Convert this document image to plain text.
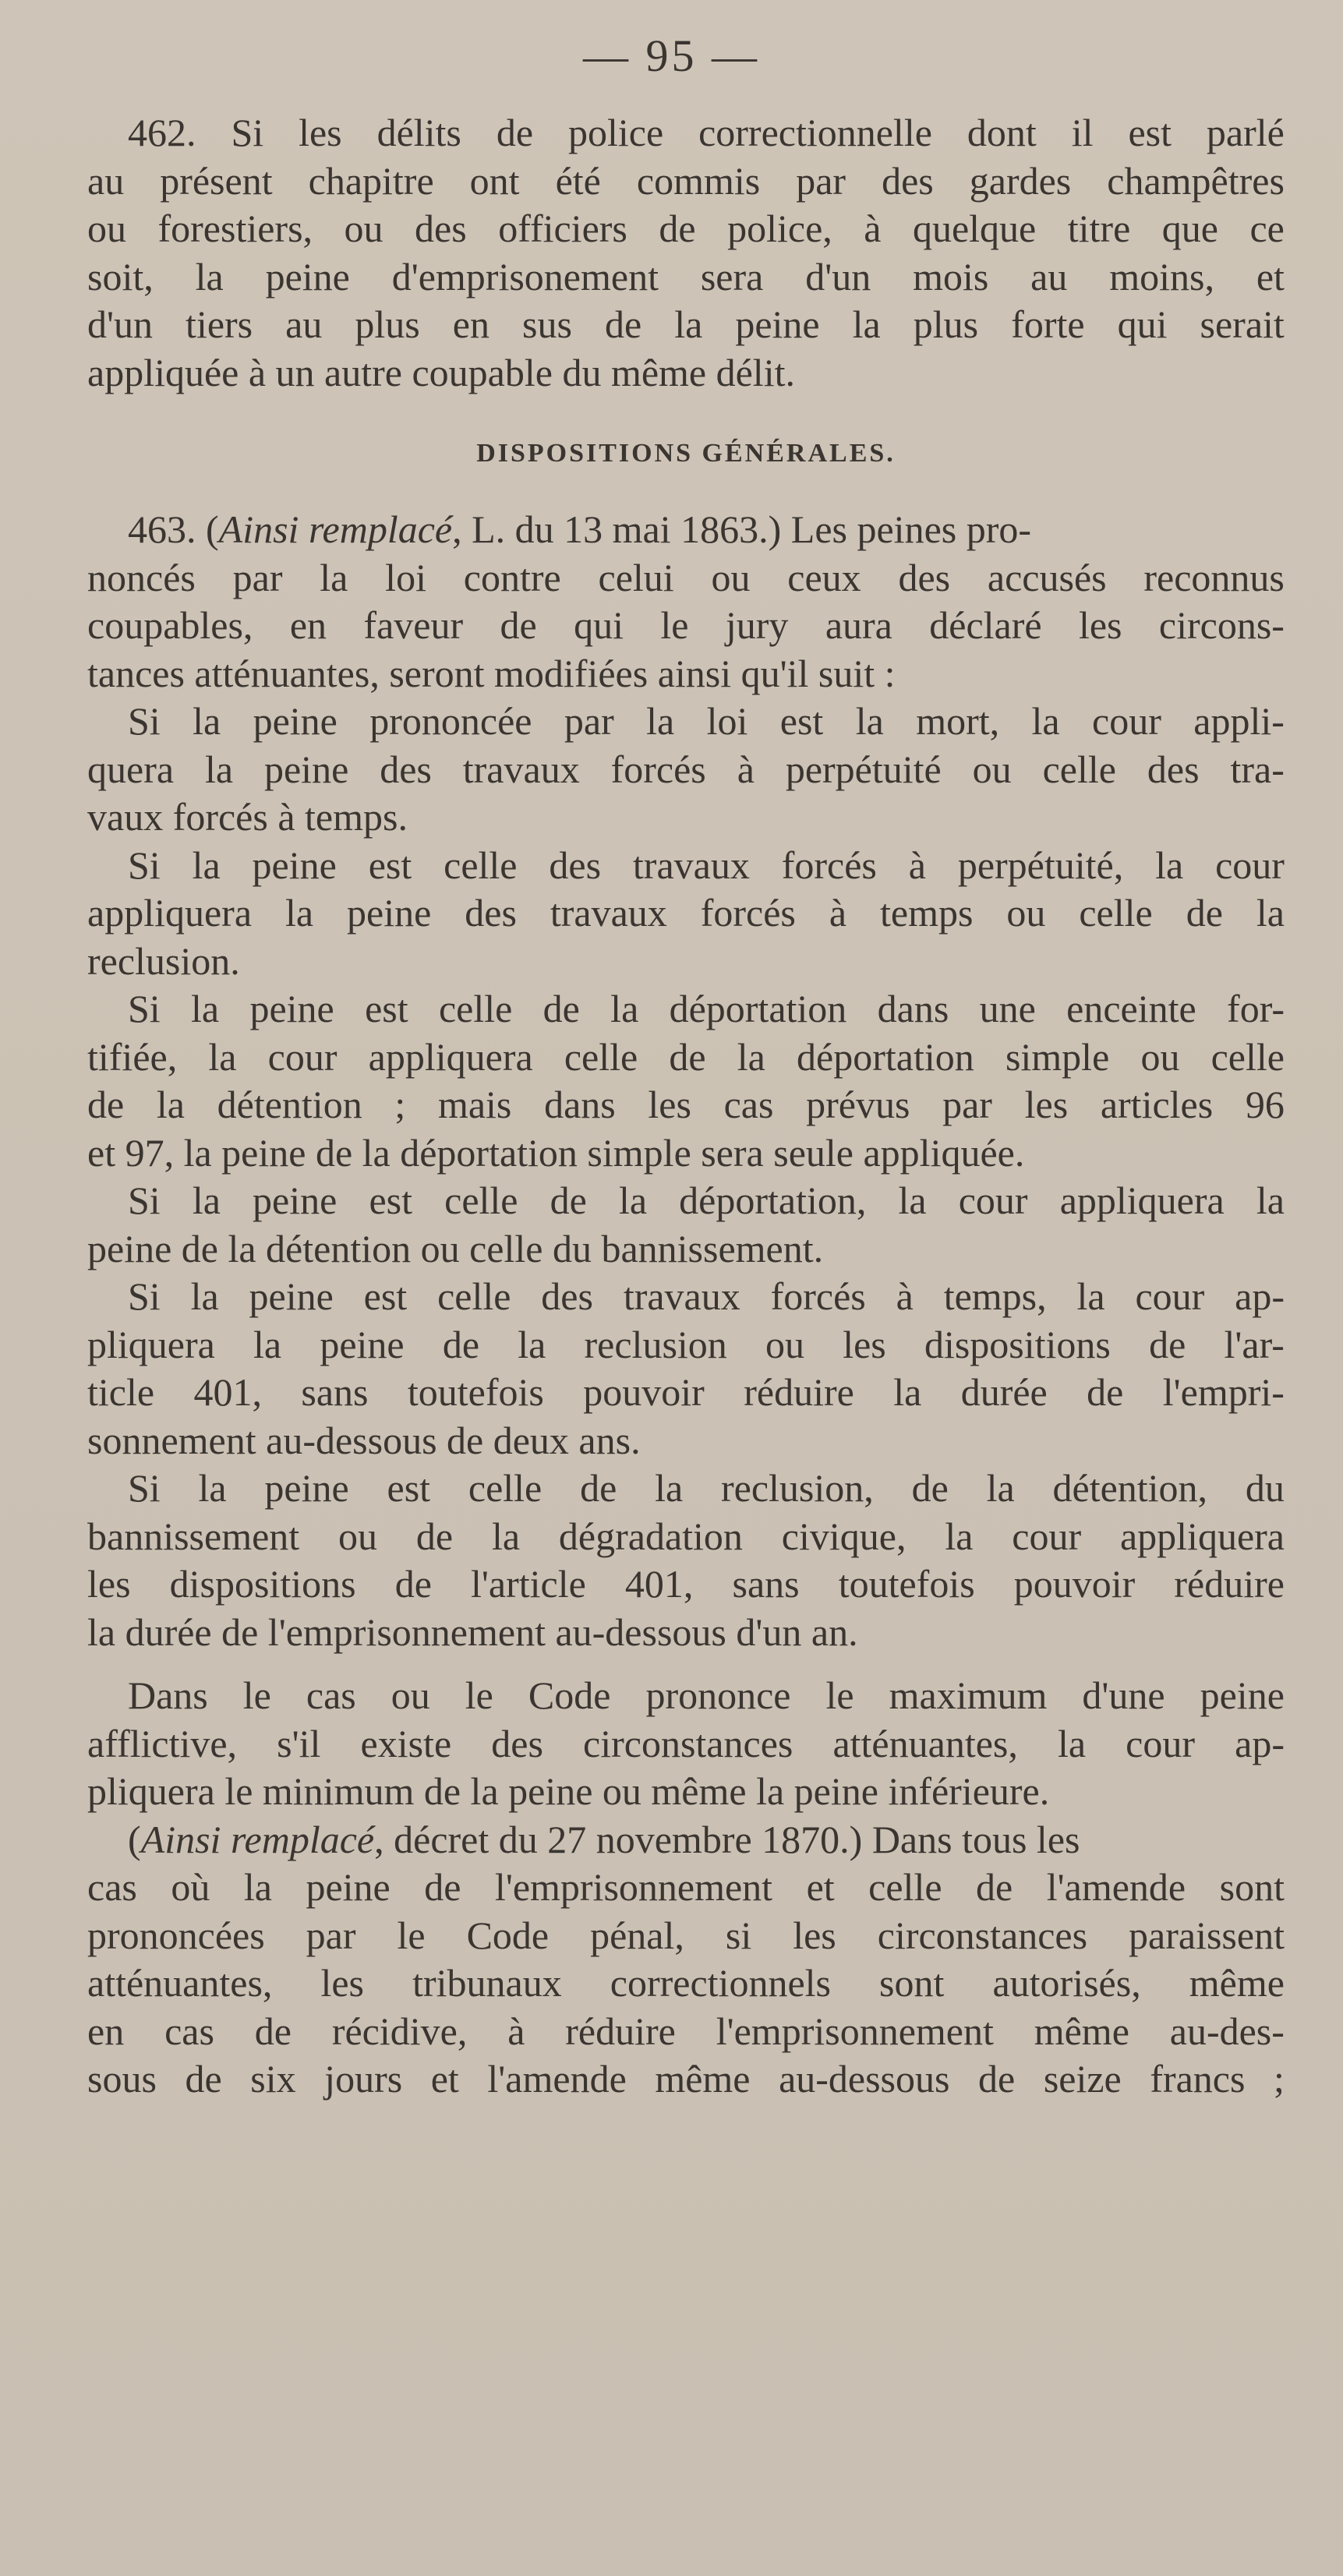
— 95 —
462. Si les délits de police correctionnelle dont il est parlé
au présent chapitre ont été commis par des gardes champêtres
ou forestiers, ou des officiers de police, à quelque titre que ce
soit, la peine d'emprisonement sera d'un mois au moins, et
d'un tiers au plus en sus de la peine la plus forte qui serait
appliquée à un autre coupable du même délit.
DISPOSITIONS GÉNÉRALES.
463. (Ainsi remplacé, L. du 13 mai 1863.) Les peines pro-
noncés par la loi contre celui ou ceux des accusés reconnus
coupables, en faveur de qui le jury aura déclaré les circons-
tances atténuantes, seront modifiées ainsi qu'il suit :
Si la peine prononcée par la loi est la mort, la cour appli-
quera la peine des travaux forcés à perpétuité ou celle des tra-
vaux forcés à temps.
Si la peine est celle des travaux forcés à perpétuité, la cour
appliquera la peine des travaux forcés à temps ou celle de la
reclusion.
Si la peine est celle de la déportation dans une enceinte for-
tifiée, la cour appliquera celle de la déportation simple ou celle
de la détention ; mais dans les cas prévus par les articles 96
et 97, la peine de la déportation simple sera seule appliquée.
Si la peine est celle de la déportation, la cour appliquera la
peine de la détention ou celle du bannissement.
Si la peine est celle des travaux forcés à temps, la cour ap-
pliquera la peine de la reclusion ou les dispositions de l'ar-
ticle 401, sans toutefois pouvoir réduire la durée de l'empri-
sonnement au-dessous de deux ans.
Si la peine est celle de la reclusion, de la détention, du
bannissement ou de la dégradation civique, la cour appliquera
les dispositions de l'article 401, sans toutefois pouvoir réduire
la durée de l'emprisonnement au-dessous d'un an.
Dans le cas ou le Code prononce le maximum d'une peine
afflictive, s'il existe des circonstances atténuantes, la cour ap-
pliquera le minimum de la peine ou même la peine inférieure.
(Ainsi remplacé, décret du 27 novembre 1870.) Dans tous les
cas où la peine de l'emprisonnement et celle de l'amende sont
prononcées par le Code pénal, si les circonstances paraissent
atténuantes, les tribunaux correctionnels sont autorisés, même
en cas de récidive, à réduire l'emprisonnement même au-des-
sous de six jours et l'amende même au-dessous de seize francs ;
